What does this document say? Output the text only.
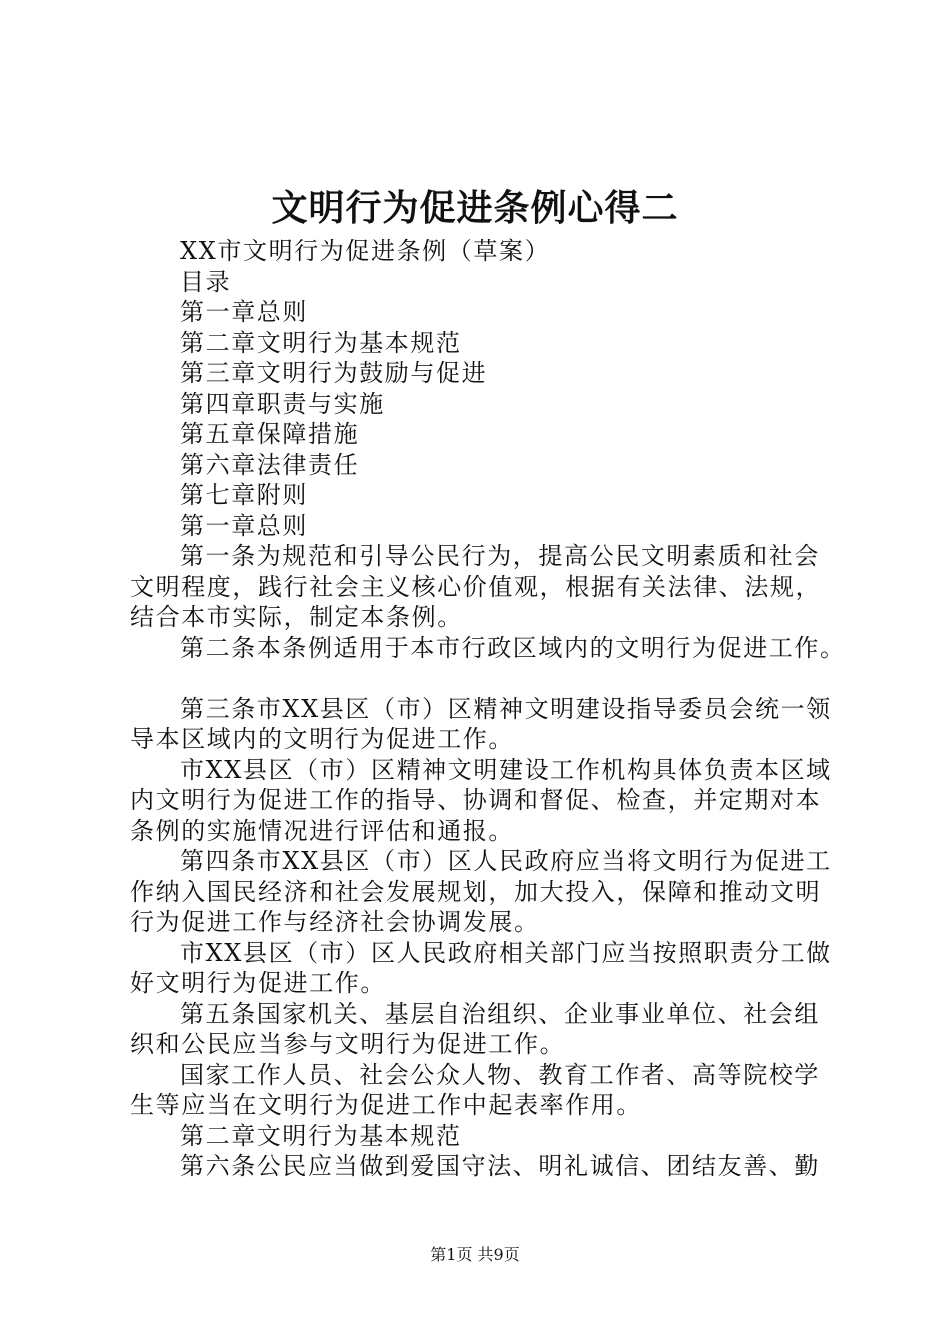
文明行为促进条例心得二
XX市文明行为促进条例（草案）
目录
第一章总则
第二章文明行为基本规范
第三章文明行为鼓励与促进
第四章职责与实施
第五章保障措施
第六章法律责任
第七章附则
第一章总则
第一条为规范和引导公民行为，提高公民文明素质和社会
文明程度，践行社会主义核心价值观，根据有关法律、法规，
结合本市实际，制定本条例。
第二条本条例适用于本市行政区域内的文明行为促进工作。
第三条市XX县区（市）区精神文明建设指导委员会统一领
导本区域内的文明行为促进工作。
市XX县区（市）区精神文明建设工作机构具体负责本区域
内文明行为促进工作的指导、协调和督促、检查，并定期对本
条例的实施情况进行评估和通报。
第四条市XX县区（市）区人民政府应当将文明行为促进工
作纳入国民经济和社会发展规划，加大投入，保障和推动文明
行为促进工作与经济社会协调发展。
市XX县区（市）区人民政府相关部门应当按照职责分工做
好文明行为促进工作。
第五条国家机关、基层自治组织、企业事业单位、社会组
织和公民应当参与文明行为促进工作。
国家工作人员、社会公众人物、教育工作者、高等院校学
生等应当在文明行为促进工作中起表率作用。
第二章文明行为基本规范
第六条公民应当做到爱国守法、明礼诚信、团结友善、勤
第1页 共9页
